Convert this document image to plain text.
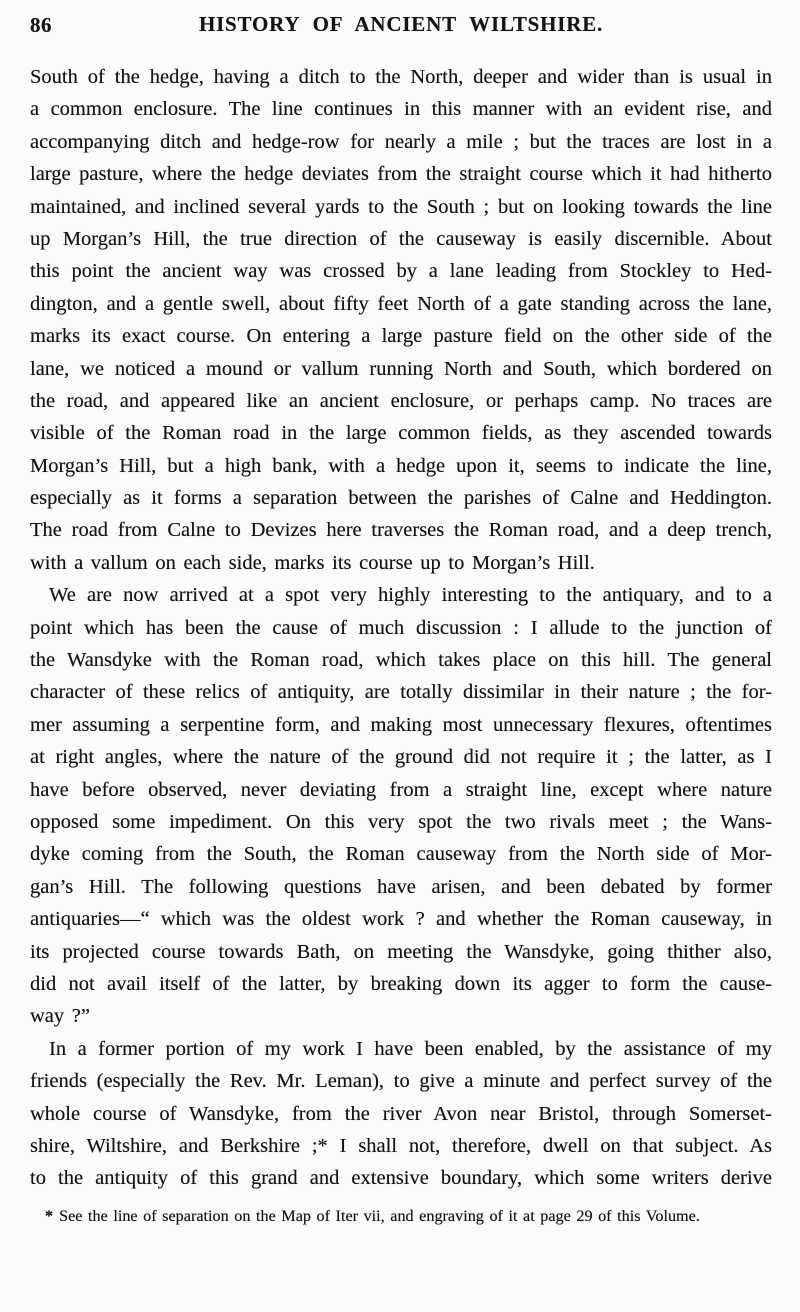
86	HISTORY OF ANCIENT WILTSHIRE.
South of the hedge, having a ditch to the North, deeper and wider than is usual in
a common enclosure. The line continues in this manner with an evident rise, and
accompanying ditch and hedge-row for nearly a mile ; but the traces are lost in a
large pasture, where the hedge deviates from the straight course which it had hitherto
maintained, and inclined several yards to the South ; but on looking towards the line
up Morgan’s Hill, the true direction of the causeway is easily discernible. About
this point the ancient way was crossed by a lane leading from Stockley to Hed-
dington, and a gentle swell, about fifty feet North of a gate standing across the lane,
marks its exact course. On entering a large pasture field on the other side of the
lane, we noticed a mound or vallum running North and South, which bordered on
the road, and appeared like an ancient enclosure, or perhaps camp. No traces are
visible of the Roman road in the large common fields, as they ascended towards
Morgan’s Hill, but a high bank, with a hedge upon it, seems to indicate the line,
especially as it forms a separation between the parishes of Calne and Heddington.
The road from Calne to Devizes here traverses the Roman road, and a deep trench,
with a vallum on each side, marks its course up to Morgan’s Hill.
We are now arrived at a spot very highly interesting to the antiquary, and to a
point which has been the cause of much discussion : I allude to the junction of
the Wansdyke with the Roman road, which takes place on this hill. The general
character of these relics of antiquity, are totally dissimilar in their nature ; the for-
mer assuming a serpentine form, and making most unnecessary flexures, oftentimes
at right angles, where the nature of the ground did not require it ; the latter, as I
have before observed, never deviating from a straight line, except where nature
opposed some impediment. On this very spot the two rivals meet ; the Wans-
dyke coming from the South, the Roman causeway from the North side of Mor-
gan’s Hill. The following questions have arisen, and been debated by former
antiquaries—“ which was the oldest work ? and whether the Roman causeway, in
its projected course towards Bath, on meeting the Wansdyke, going thither also,
did not avail itself of the latter, by breaking down its agger to form the cause-
way ?”
In a former portion of my work I have been enabled, by the assistance of my
friends (especially the Rev. Mr. Leman), to give a minute and perfect survey of the
whole course of Wansdyke, from the river Avon near Bristol, through Somerset-
shire, Wiltshire, and Berkshire ;* I shall not, therefore, dwell on that subject. As
to the antiquity of this grand and extensive boundary, which some writers derive
* See the line of separation on the Map of Iter vii, and engraving of it at page 29 of this Volume.
